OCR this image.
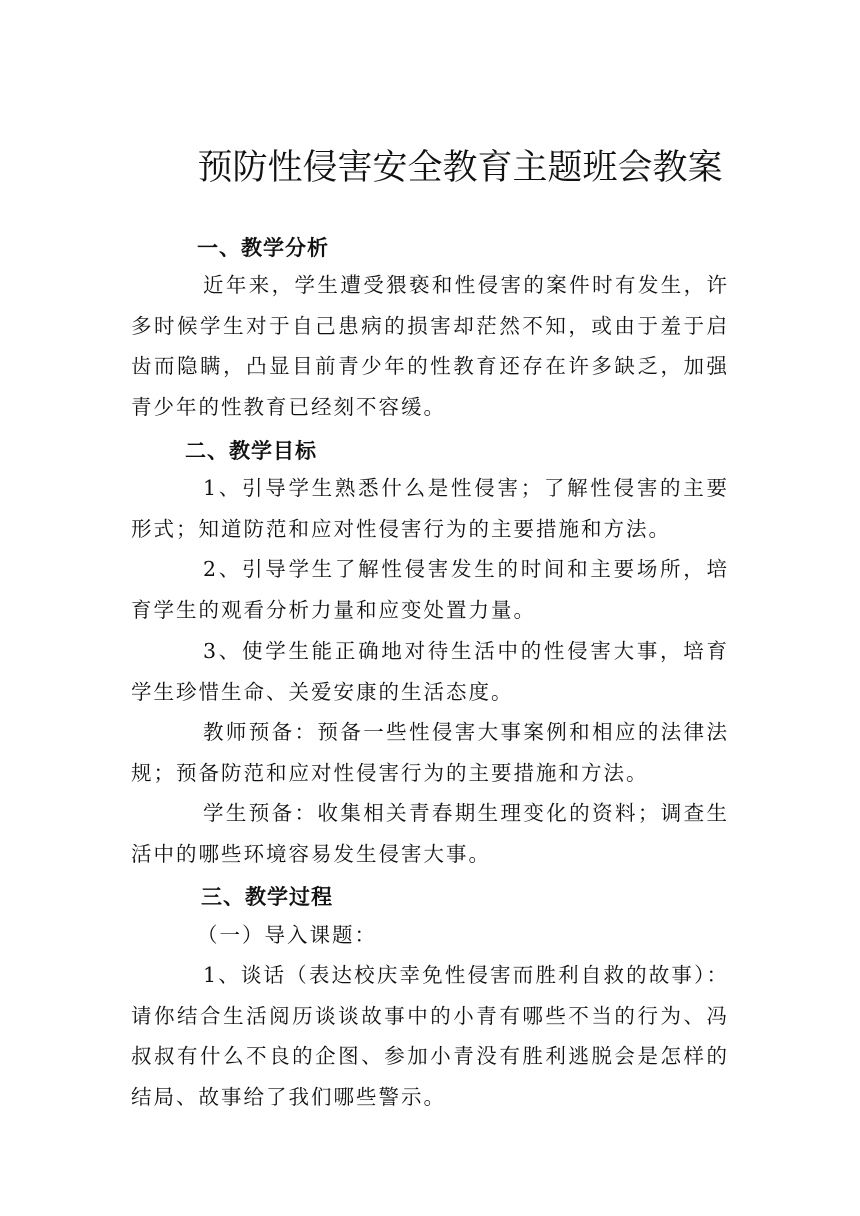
预防性侵害安全教育主题班会教案
一、教学分析
近年来，学生遭受猥亵和性侵害的案件时有发生，许多时候学生对于自己患病的损害却茫然不知，或由于羞于启齿而隐瞒，凸显目前青少年的性教育还存在许多缺乏，加强青少年的性教育已经刻不容缓。
二、教学目标
1、引导学生熟悉什么是性侵害；了解性侵害的主要形式；知道防范和应对性侵害行为的主要措施和方法。
2、引导学生了解性侵害发生的时间和主要场所，培育学生的观看分析力量和应变处置力量。
3、使学生能正确地对待生活中的性侵害大事，培育学生珍惜生命、关爱安康的生活态度。
教师预备：预备一些性侵害大事案例和相应的法律法规；预备防范和应对性侵害行为的主要措施和方法。
学生预备：收集相关青春期生理变化的资料；调查生活中的哪些环境容易发生侵害大事。
三、教学过程
（一）导入课题：
1、谈话（表达校庆幸免性侵害而胜利自救的故事）：请你结合生活阅历谈谈故事中的小青有哪些不当的行为、冯叔叔有什么不良的企图、参加小青没有胜利逃脱会是怎样的结局、故事给了我们哪些警示。
